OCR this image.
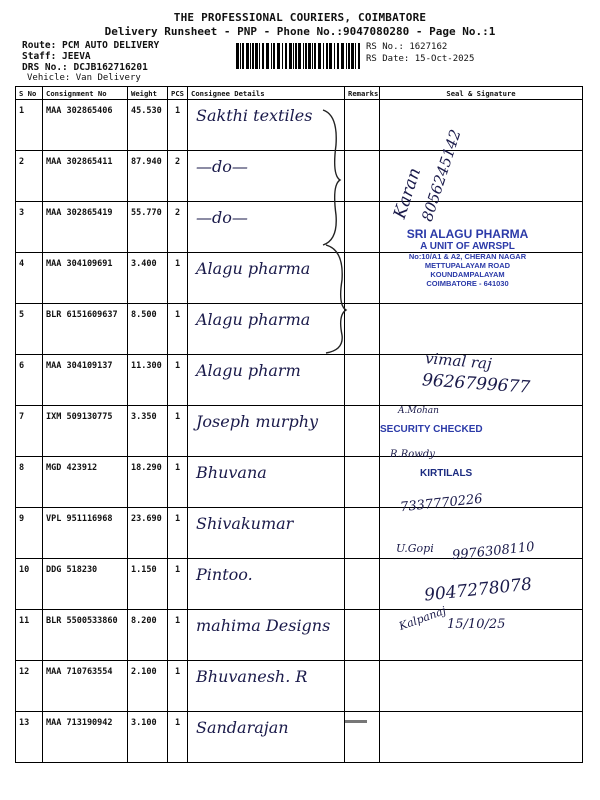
THE PROFESSIONAL COURIERS, COIMBATORE
Delivery Runsheet - PNP - Phone No.:9047080280 - Page No.:1
Route: PCM AUTO DELIVERY
Staff: JEEVA
DRS No.: DCJB162716201
Vehicle: Van Delivery
RS No.: 1627162
RS Date: 15-Oct-2025
S No	Consignment No	Weight	PCS	Consignee Details	Remarks	Seal & Signature
1	MAA 302865406	45.530	1	Sakthi textiles		

2	MAA 302865411	87.940	2	—do—		

3	MAA 302865419	55.770	2	—do—		

4	MAA 304109691	3.400	1	Alagu pharma		

5	BLR 6151609637	8.500	1	Alagu pharma		

6	MAA 304109137	11.300	1	Alagu pharm		

7	IXM 509130775	3.350	1	Joseph murphy		

8	MGD 423912	18.290	1	Bhuvana		

9	VPL 951116968	23.690	1	Shivakumar		

10	DDG 518230	1.150	1	Pintoo.		

11	BLR 5500533860	8.200	1	mahima Designs		

12	MAA 710763554	2.100	1	Bhuvanesh. R		

13	MAA 713190942	3.100	1	Sandarajan		

Karan
8056245142
SRI ALAGU PHARMA
A UNIT OF AWRSPL
No:10/A1 & A2, CHERAN NAGAR
METTUPALAYAM ROAD
KOUNDAMPALAYAM
COIMBATORE - 641030
vimal raj
9626799677
A.Mohan
SECURITY CHECKED
R.Rowdy
KIRTILALS
7337770226
U.Gopi 9976308110
9047278078
Kalpanaj 15/10/25
